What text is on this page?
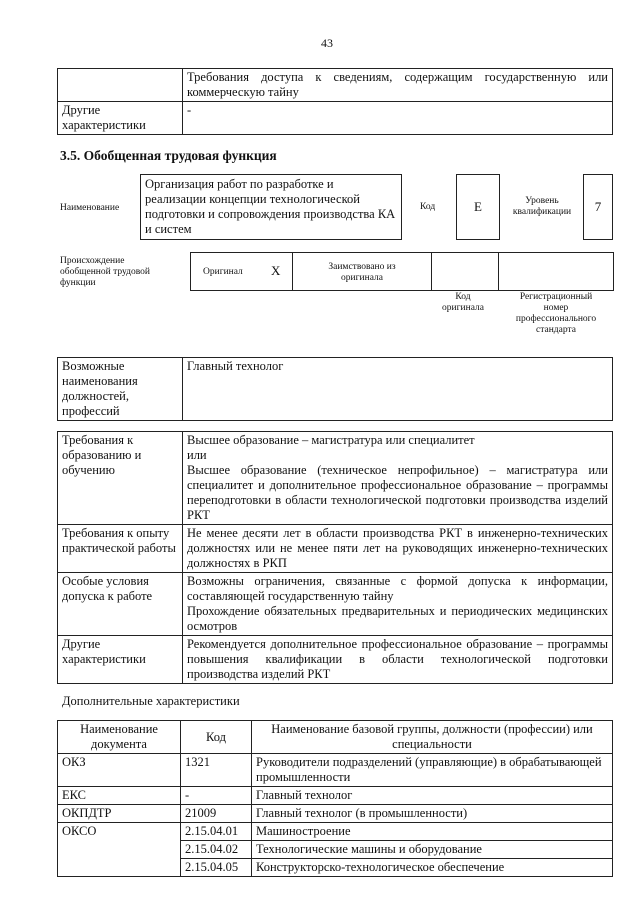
43
	Требования доступа к сведениям, содержащим государственную или коммерческую тайну
Другие характеристики	-
3.5. Обобщенная трудовая функция
Наименование
Организация работ по разработке и реализации концепции технологической подготовки и сопровождения производства КА и систем
Код	E	Уровень квалификации	7
Происхождение обобщенной трудовой функции
Оригинал X	Заимствовано из оригинала
Код оригинала
Регистрационный номер профессионального стандарта
Возможные наименования должностей, профессий	Главный технолог
Требования к образованию и обучению	Высшее образование – магистратура или специалитет
или
Высшее образование (техническое непрофильное) – магистратура или специалитет и дополнительное профессиональное образование – программы переподготовки в области технологической подготовки производства изделий РКТ

Требования к опыту практической работы	Не менее десяти лет в области производства РКТ в инженерно-технических должностях или не менее пяти лет на руководящих инженерно-технических должностях в РКП

Особые условия допуска к работе	Возможны ограничения, связанные с формой допуска к информации, составляющей государственную тайну
Прохождение обязательных предварительных и периодических медицинских осмотров

Другие характеристики	Рекомендуется дополнительное профессиональное образование – программы повышения квалификации в области технологической подготовки производства изделий РКТ
Дополнительные характеристики
Наименование документа	Код	Наименование базовой группы, должности (профессии) или специальности
ОКЗ	1321	Руководители подразделений (управляющие) в обрабатывающей промышленности
ЕКС	-	Главный технолог
ОКПДТР	21009	Главный технолог (в промышленности)
ОКСО	2.15.04.01	Машиностроение
	2.15.04.02	Технологические машины и оборудование
	2.15.04.05	Конструкторско-технологическое обеспечение
